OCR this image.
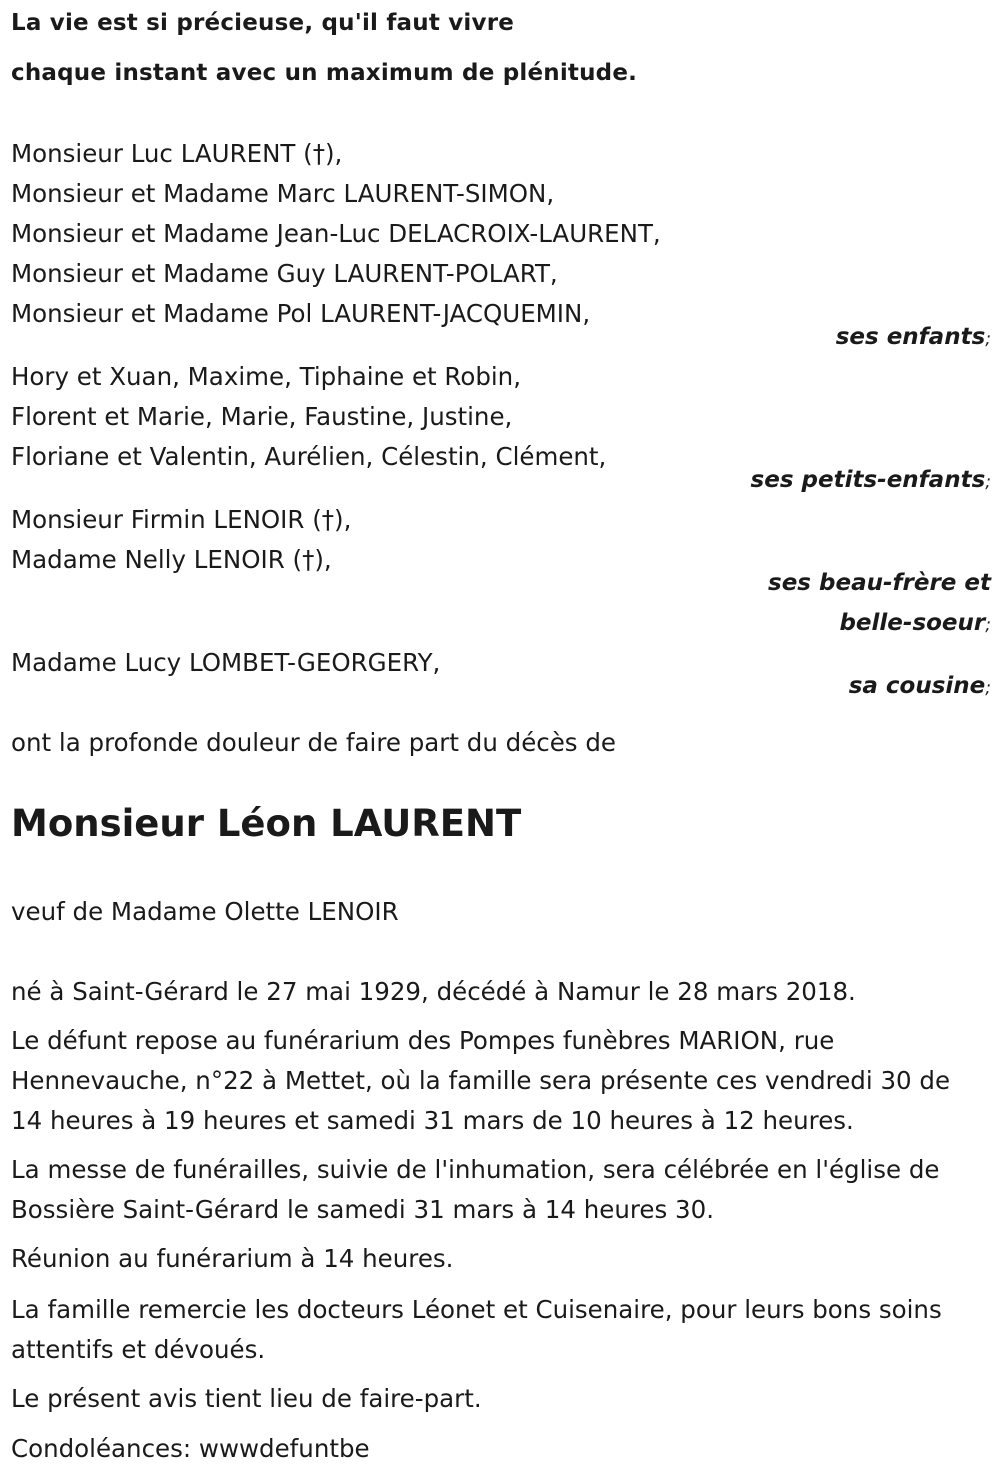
La vie est si précieuse, qu'il faut vivre
chaque instant avec un maximum de plénitude.
Monsieur Luc LAURENT (†),
Monsieur et Madame Marc LAURENT-SIMON,
Monsieur et Madame Jean-Luc DELACROIX-LAURENT,
Monsieur et Madame Guy LAURENT-POLART,
Monsieur et Madame Pol LAURENT-JACQUEMIN,
ses enfants;
Hory et Xuan, Maxime, Tiphaine et Robin,
Florent et Marie, Marie, Faustine, Justine,
Floriane et Valentin, Aurélien, Célestin, Clément,
ses petits-enfants;
Monsieur Firmin LENOIR (†),
Madame Nelly LENOIR (†),
ses beau-frère et
belle-soeur;
Madame Lucy LOMBET-GEORGERY,
sa cousine;
ont la profonde douleur de faire part du décès de
Monsieur Léon LAURENT
veuf de Madame Olette LENOIR
né à Saint-Gérard le 27 mai 1929, décédé à Namur le 28 mars 2018.
Le défunt repose au funérarium des Pompes funèbres MARION, rue Hennevauche, n°22 à Mettet, où la famille sera présente ces vendredi 30 de 14 heures à 19 heures et samedi 31 mars de 10 heures à 12 heures.
La messe de funérailles, suivie de l'inhumation, sera célébrée en l'église de Bossière Saint-Gérard le samedi 31 mars à 14 heures 30.
Réunion au funérarium à 14 heures.
La famille remercie les docteurs Léonet et Cuisenaire, pour leurs bons soins attentifs et dévoués.
Le présent avis tient lieu de faire-part.
Condoléances: wwwdefuntbe
